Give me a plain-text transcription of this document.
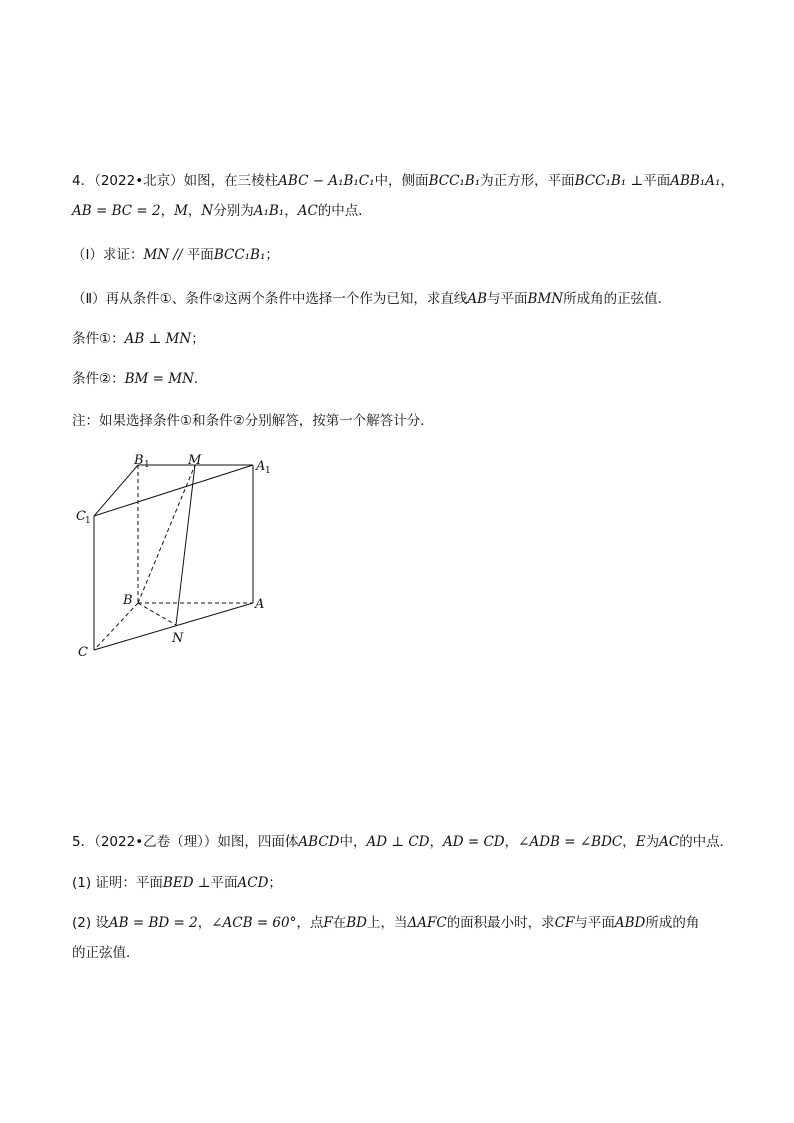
4．（2022•北京）如图，在三棱柱ABC − A₁B₁C₁中，侧面BCC₁B₁为正方形，平面BCC₁B₁ ⊥平面ABB₁A₁，
AB = BC = 2，M，N分别为A₁B₁，AC的中点．
（Ⅰ）求证：MN // 平面BCC₁B₁；
（Ⅱ）再从条件①、条件②这两个条件中选择一个作为已知，求直线AB与平面BMN所成角的正弦值．
条件①：AB ⊥ MN；
条件②：BM = MN．
注：如果选择条件①和条件②分别解答，按第一个解答计分．
B 1	M	A 1
C 1
B	A
N
C
5．（2022•乙卷（理））如图，四面体ABCD中，AD ⊥ CD，AD = CD，∠ADB = ∠BDC，E为AC的中点．
(1) 证明：平面BED ⊥平面ACD；
(2) 设AB = BD = 2，∠ACB = 60°，点F在BD上，当ΔAFC的面积最小时，求CF与平面ABD所成的角
的正弦值．
